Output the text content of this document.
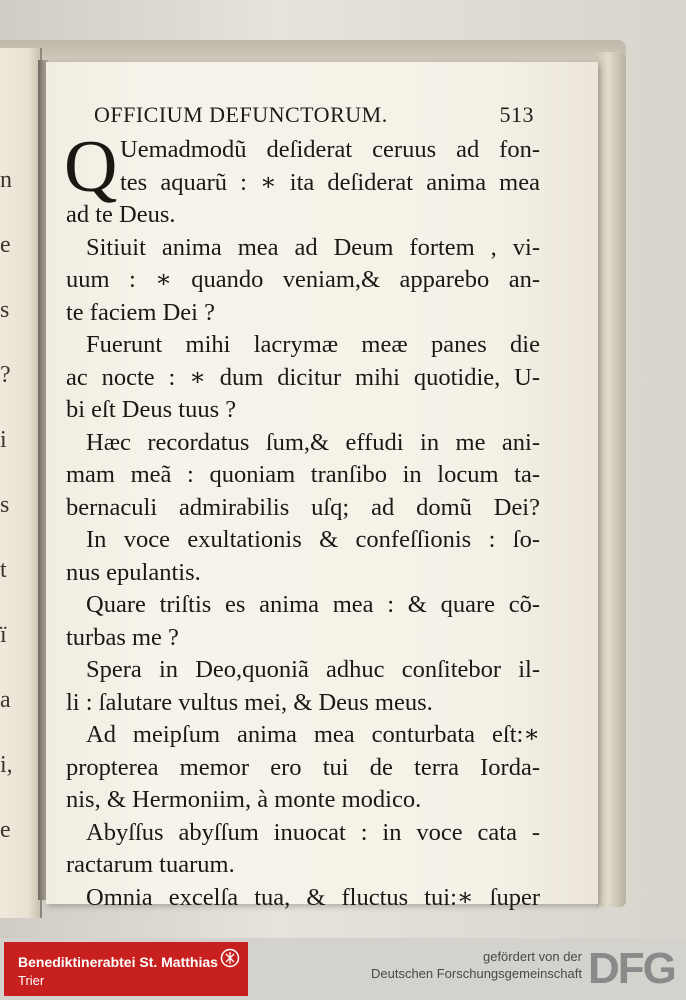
n
e
s
?
i
s
t
ï
a
i,
e
OFFICIUM DEFUNCTORUM.	513
Q Uemadmodũ deſiderat ceruus ad fon-
tes aquarũ : ∗ ita deſiderat anima mea
ad te Deus.
Sitiuit anima mea ad Deum fortem , vi-
uum : ∗ quando veniam,& apparebo an-
te faciem Dei ?
Fuerunt mihi lacrymæ meæ panes die
ac nocte : ∗ dum dicitur mihi quotidie, U-
bi eſt Deus tuus ?
Hæc recordatus ſum,& effudi in me ani-
mam meã : quoniam tranſibo in locum ta-
bernaculi admirabilis uſq; ad domũ Dei?
In voce exultationis & confeſſionis : ſo-
nus epulantis.
Quare triſtis es anima mea : & quare cõ-
turbas me ?
Spera in Deo,quoniã adhuc conſitebor il-
li : ſalutare vultus mei, & Deus meus.
Ad meipſum anima mea conturbata eſt:∗
propterea memor ero tui de terra Iorda-
nis, & Hermoniim, à monte modico.
Abyſſus abyſſum inuocat : in voce cata -
ractarum tuarum.
Omnia excelſa tua, & fluctus tui:∗ ſuper
Benediktinerabtei St. Matthias
Trier
gefördert von der
Deutschen Forschungsgemeinschaft DFG
